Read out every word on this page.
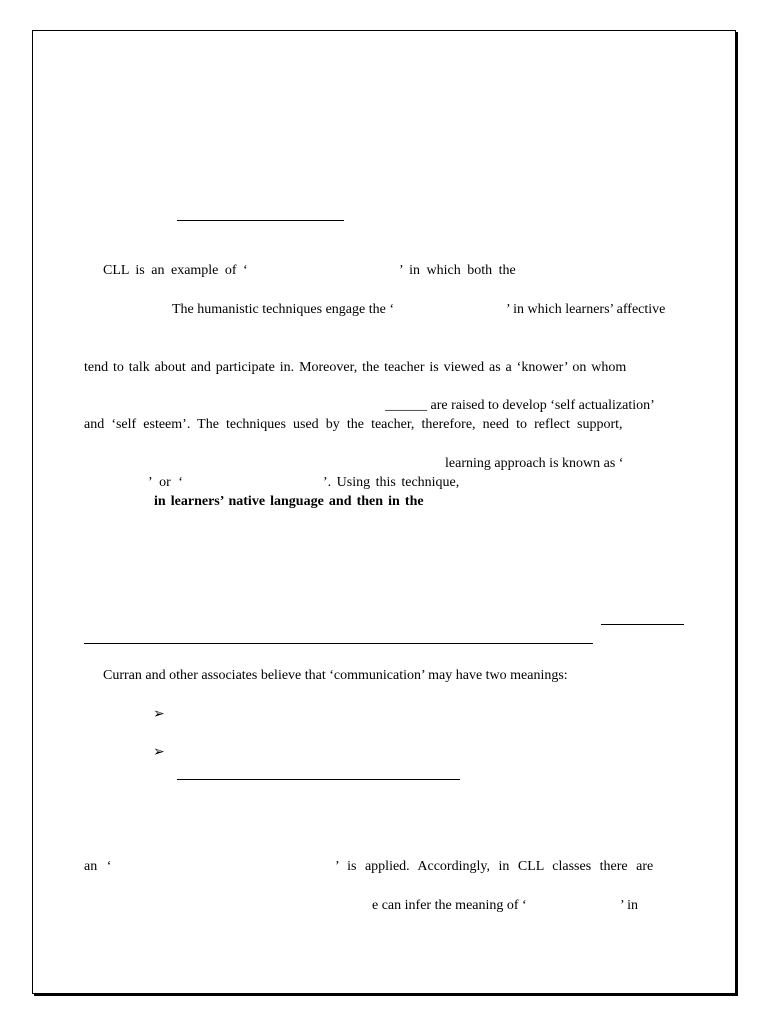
CLL is an example of ‘	’ in which both the
The humanistic techniques engage the ‘	’ in which learners’ affective
tend to talk about and participate in. Moreover, the teacher is viewed as a ‘knower’ on whom
______ are raised to develop ‘self actualization’
and ‘self esteem’. The techniques used by the teacher, therefore, need to reflect support,
learning approach is known as ‘
’ or ‘	’. Using this technique,
in learners’ native language and then in the
Curran and other associates believe that ‘communication’ may have two meanings:
➢
➢
an ‘	’ is applied. Accordingly, in CLL classes there are
e can infer the meaning of ‘	’ in
